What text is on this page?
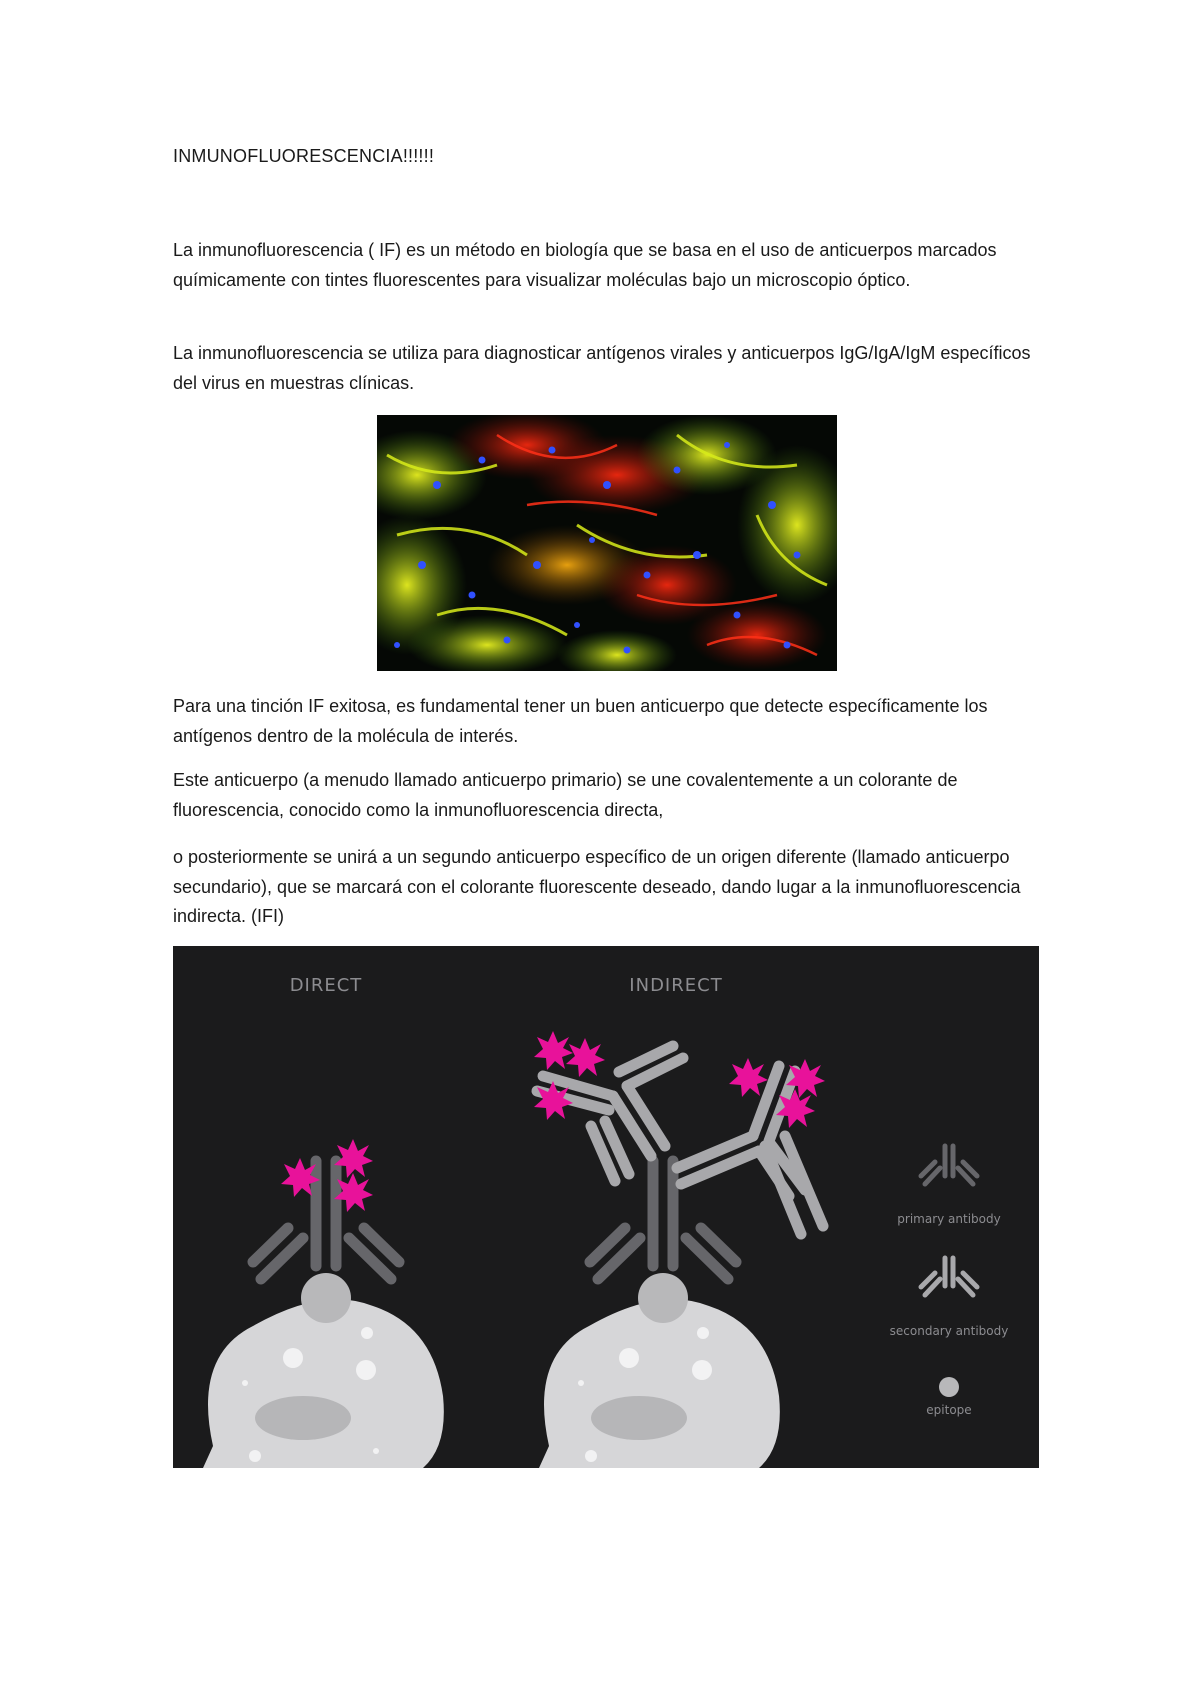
INMUNOFLUORESCENCIA!!!!!!

La inmunofluorescencia ( IF) es un método en biología que se basa en el uso de anticuerpos marcados químicamente con tintes fluorescentes para visualizar moléculas bajo un microscopio óptico.

La inmunofluorescencia se utiliza para diagnosticar antígenos virales y anticuerpos IgG/IgA/IgM específicos del virus en muestras clínicas.

Para una tinción IF exitosa, es fundamental tener un buen anticuerpo que detecte específicamente los antígenos dentro de la molécula de interés.

Este anticuerpo (a menudo llamado anticuerpo primario) se une covalentemente a un colorante de fluorescencia, conocido como la inmunofluorescencia directa,

o posteriormente se unirá a un segundo anticuerpo específico de un origen diferente (llamado anticuerpo secundario), que se marcará con el colorante fluorescente deseado, dando lugar a la inmunofluorescencia indirecta. (IFI)

DIRECT	INDIRECT
primary antibody
secondary antibody
epitope
